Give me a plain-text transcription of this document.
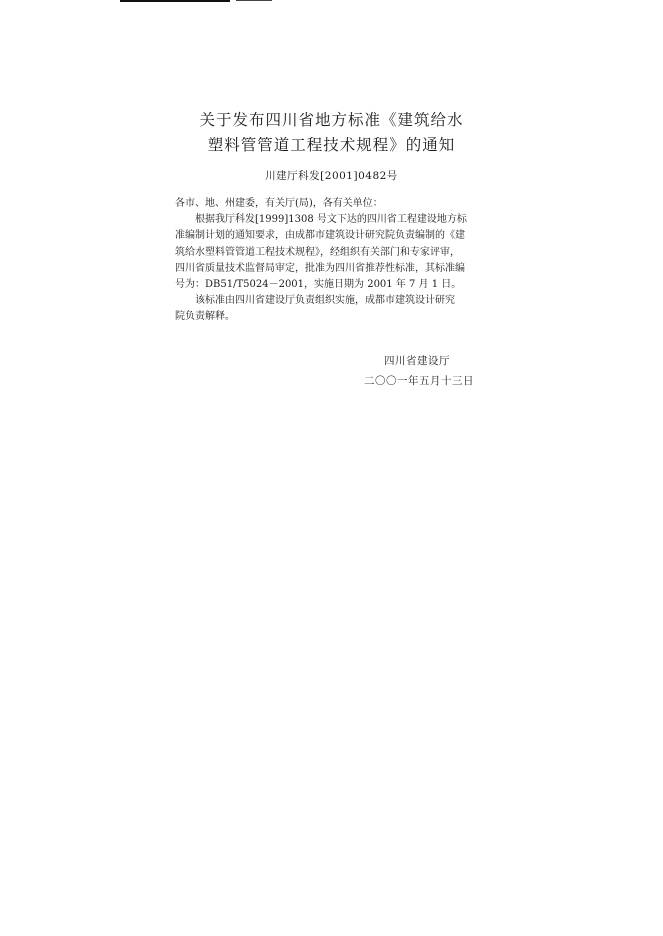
关于发布四川省地方标准《建筑给水
塑料管管道工程技术规程》的通知
川建厅科发[2001]0482号

各市、地、州建委，有关厅(局)，各有关单位：

根据我厅科发[1999]1308 号文下达的四川省工程建设地方标

准编制计划的通知要求，由成都市建筑设计研究院负责编制的《建

筑给水塑料管管道工程技术规程》，经组织有关部门和专家评审，

四川省质量技术监督局审定，批准为四川省推荐性标准，其标准编

号为：DB51/T5024－2001，实施日期为 2001 年 7 月 1 日。

该标准由四川省建设厅负责组织实施，成都市建筑设计研究

院负责解释。

四川省建设厅
二〇〇一年五月十三日
